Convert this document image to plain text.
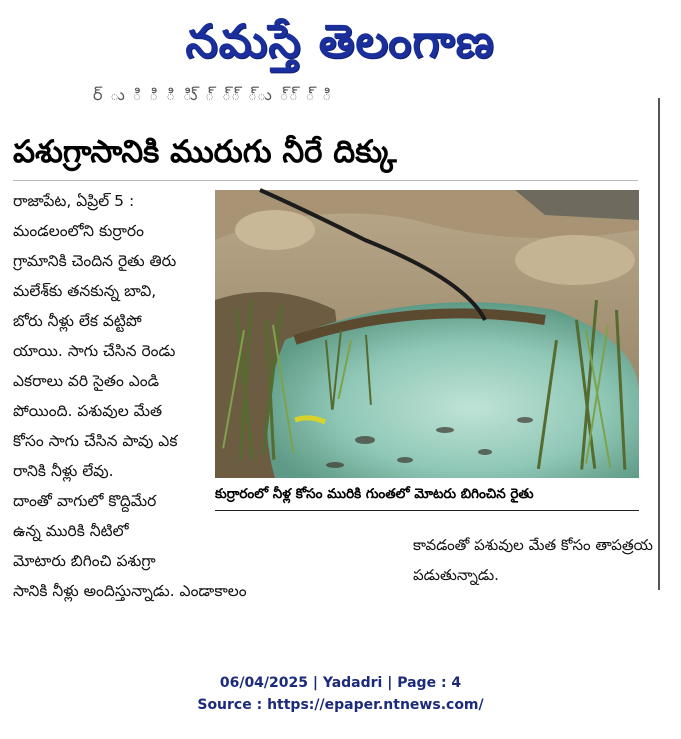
నమస్తే తెలంగాణ
ర్ ు ి ి ి ిు్ ్ ్్ ్ు ్్ ్ ి
పశుగ్రాసానికి మురుగు నీరే దిక్కు
రాజాపేట, ఏప్రిల్ 5 :
మండలంలోని కుర్రారం
గ్రామానికి చెందిన రైతు తిరు
మలేశ్‌కు తనకున్న బావి,
బోరు నీళ్లు లేక వట్టిపో
యాయి. సాగు చేసిన రెండు
ఎకరాలు వరి సైతం ఎండి
పోయింది. పశువుల మేత
కోసం సాగు చేసిన పావు ఎక
రానికి నీళ్లు లేవు.
దాంతో వాగులో కొద్దిమేర
ఉన్న మురికి నీటిలో
మోటారు బిగించి పశుగ్రా
సానికి నీళ్లు అందిస్తున్నాడు. ఎండాకాలం
కుర్రారంలో నీళ్ల కోసం మురికి గుంతలో మోటరు బిగించిన రైతు
కావడంతో పశువుల మేత కోసం తాపత్రయ
పడుతున్నాడు.
06/04/2025 | Yadadri | Page : 4
Source : https://epaper.ntnews.com/
